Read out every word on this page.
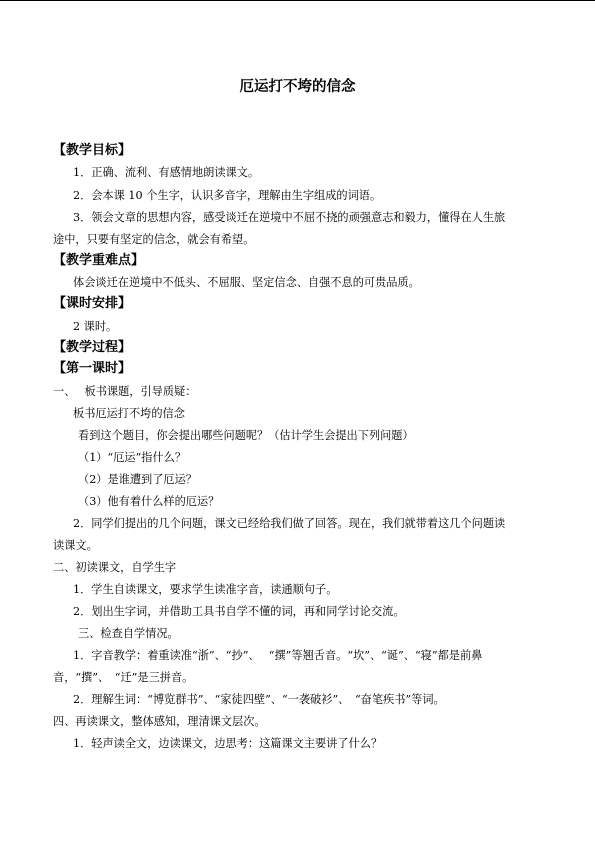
厄运打不垮的信念
【教学目标】
1．正确、流利、有感情地朗读课文。
2．会本课 10 个生字，认识多音字，理解由生字组成的词语。
3．领会文章的思想内容，感受谈迁在逆境中不屈不挠的顽强意志和毅力，懂得在人生旅
途中，只要有坚定的信念，就会有希望。
【教学重难点】
体会谈迁在逆境中不低头、不屈服、坚定信念、自强不息的可贵品质。
【课时安排】
2 课时。
【教学过程】
【第一课时】
一、　 板书课题，引导质疑：
板书厄运打不垮的信念
看到这个题目，你会提出哪些问题呢？（估计学生会提出下列问题）
（1）“厄运”指什么？
（2）是谁遭到了厄运？
（3）他有着什么样的厄运？
2．同学们提出的几个问题，课文已经给我们做了回答。现在，我们就带着这几个问题读
读课文。
二、初读课文，自学生字
1．学生自读课文，要求学生读准字音，读通顺句子。
2．划出生字词，并借助工具书自学不懂的词，再和同学讨论交流。
三、检查自学情况。
1．字音教学：着重读准“浙”、“抄”、　 “撰”等翘舌音。“坎”、“诞”、“寝”都是前鼻
音，“撰”、　“迁”是三拼音。
2．理解生词：“博览群书”、“家徒四壁”、“一袭破衫”、　“奋笔疾书”等词。
四、再读课文，整体感知，理清课文层次。
1．轻声读全文，边读课文，边思考：这篇课文主要讲了什么？
